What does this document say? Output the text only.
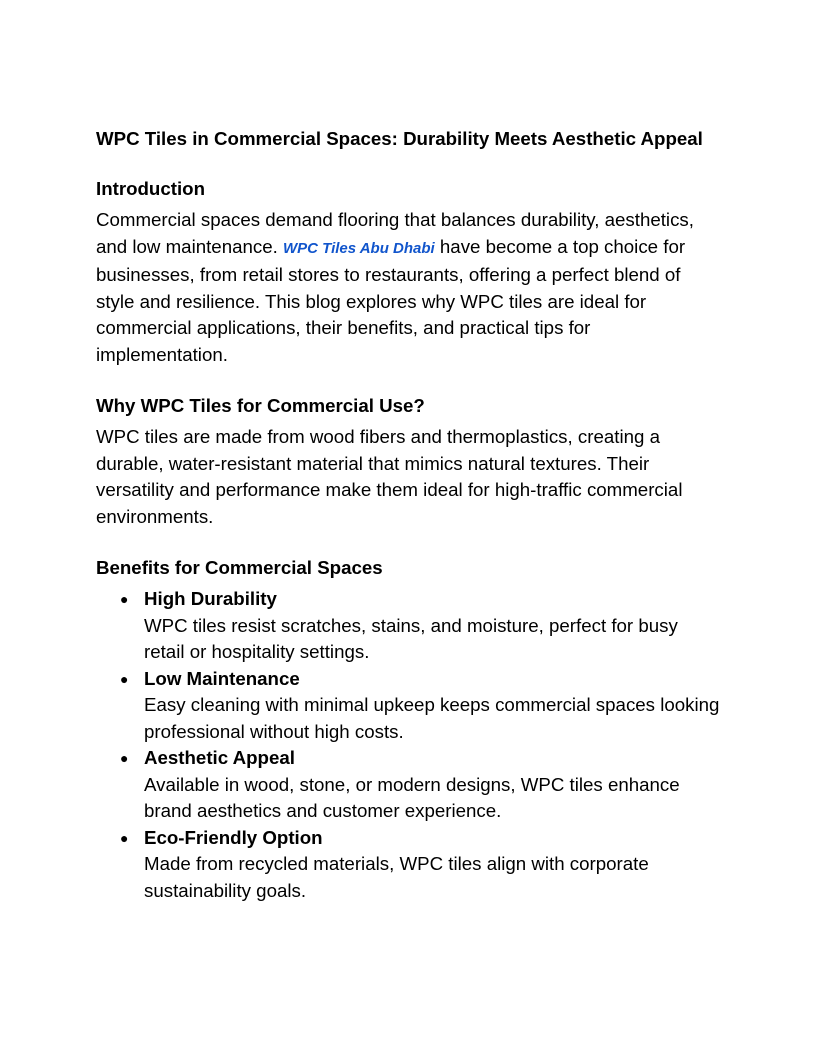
WPC Tiles in Commercial Spaces: Durability Meets Aesthetic Appeal
Introduction

Commercial spaces demand flooring that balances durability, aesthetics, and low maintenance. WPC Tiles Abu Dhabi have become a top choice for businesses, from retail stores to restaurants, offering a perfect blend of style and resilience. This blog explores why WPC tiles are ideal for commercial applications, their benefits, and practical tips for implementation.

Why WPC Tiles for Commercial Use?

WPC tiles are made from wood fibers and thermoplastics, creating a durable, water-resistant material that mimics natural textures. Their versatility and performance make them ideal for high-traffic commercial environments.

Benefits for Commercial Spaces
● High Durability
WPC tiles resist scratches, stains, and moisture, perfect for busy retail or hospitality settings.
● Low Maintenance
Easy cleaning with minimal upkeep keeps commercial spaces looking professional without high costs.
● Aesthetic Appeal
Available in wood, stone, or modern designs, WPC tiles enhance brand aesthetics and customer experience.
● Eco-Friendly Option
Made from recycled materials, WPC tiles align with corporate sustainability goals.
